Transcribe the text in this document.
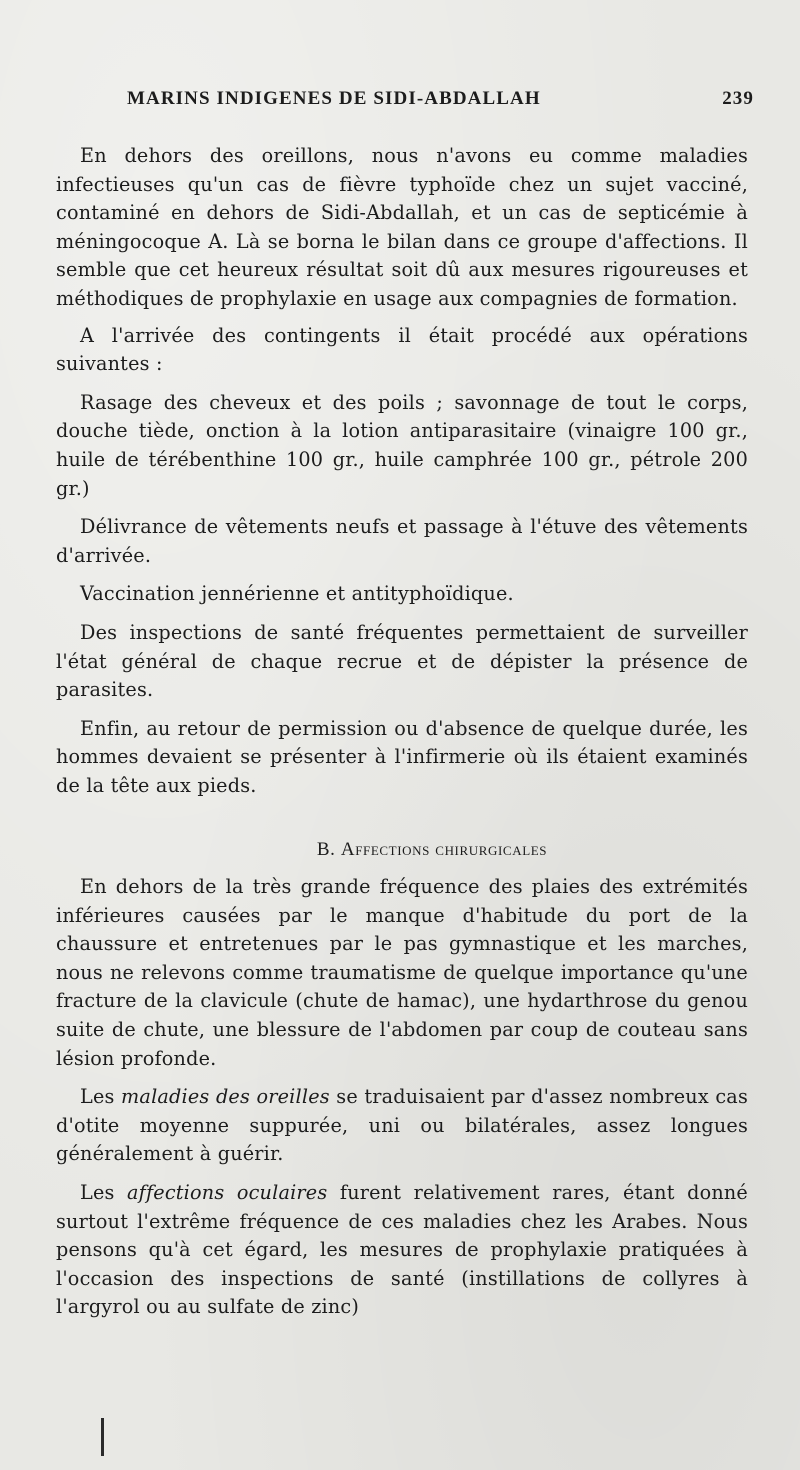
MARINS INDIGENES DE SIDI-ABDALLAH	239

En dehors des oreillons, nous n'avons eu comme maladies infectieuses qu'un cas de fièvre typhoïde chez un sujet vacciné, contaminé en dehors de Sidi-Abdallah, et un cas de septicémie à méningocoque A. Là se borna le bilan dans ce groupe d'affections. Il semble que cet heureux résultat soit dû aux mesures rigoureuses et méthodiques de prophylaxie en usage aux compagnies de formation.

A l'arrivée des contingents il était procédé aux opérations suivantes :

Rasage des cheveux et des poils ; savonnage de tout le corps, douche tiède, onction à la lotion antiparasitaire (vinaigre 100 gr., huile de térébenthine 100 gr., huile camphrée 100 gr., pétrole 200 gr.)

Délivrance de vêtements neufs et passage à l'étuve des vêtements d'arrivée.

Vaccination jennérienne et antityphoïdique.

Des inspections de santé fréquentes permettaient de surveiller l'état général de chaque recrue et de dépister la présence de parasites.

Enfin, au retour de permission ou d'absence de quelque durée, les hommes devaient se présenter à l'infirmerie où ils étaient examinés de la tête aux pieds.

B. Affections chirurgicales

En dehors de la très grande fréquence des plaies des extrémités inférieures causées par le manque d'habitude du port de la chaussure et entretenues par le pas gymnastique et les marches, nous ne relevons comme traumatisme de quelque importance qu'une fracture de la clavicule (chute de hamac), une hydarthrose du genou suite de chute, une blessure de l'abdomen par coup de couteau sans lésion profonde.

Les maladies des oreilles se traduisaient par d'assez nombreux cas d'otite moyenne suppurée, uni ou bilatérales, assez longues généralement à guérir.

Les affections oculaires furent relativement rares, étant donné surtout l'extrême fréquence de ces maladies chez les Arabes. Nous pensons qu'à cet égard, les mesures de prophylaxie pratiquées à l'occasion des inspections de santé (instillations de collyres à l'argyrol ou au sulfate de zinc)
